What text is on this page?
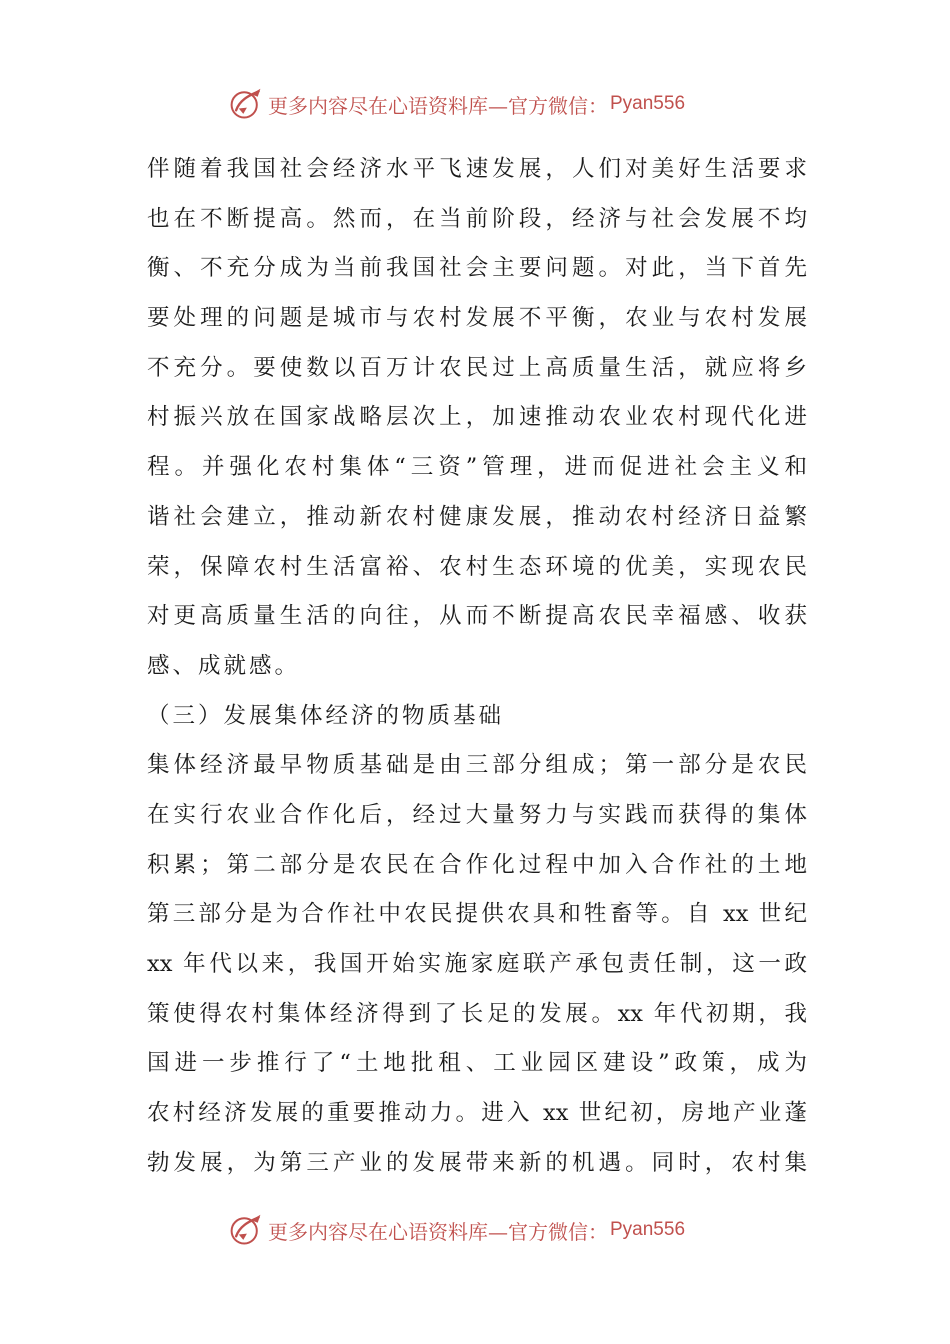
更多内容尽在心语资料库—官方微信： Pyan556
伴随着我国社会经济水平飞速发展，人们对美好生活要求
也在不断提高。然而，在当前阶段，经济与社会发展不均
衡、不充分成为当前我国社会主要问题。对此，当下首先
要处理的问题是城市与农村发展不平衡，农业与农村发展
不充分。要使数以百万计农民过上高质量生活，就应将乡
村振兴放在国家战略层次上，加速推动农业农村现代化进
程。并强化农村集体“三资”管理，进而促进社会主义和
谐社会建立，推动新农村健康发展，推动农村经济日益繁
荣，保障农村生活富裕、农村生态环境的优美，实现农民
对更高质量生活的向往，从而不断提高农民幸福感、收获
感、成就感。
（三）发展集体经济的物质基础
集体经济最早物质基础是由三部分组成；第一部分是农民
在实行农业合作化后，经过大量努力与实践而获得的集体
积累；第二部分是农民在合作化过程中加入合作社的土地
第三部分是为合作社中农民提供农具和牲畜等。自 xx 世纪
xx 年代以来，我国开始实施家庭联产承包责任制，这一政
策使得农村集体经济得到了长足的发展。xx 年代初期，我
国进一步推行了“土地批租、工业园区建设”政策，成为
农村经济发展的重要推动力。进入 xx 世纪初，房地产业蓬
勃发展，为第三产业的发展带来新的机遇。同时，农村集
更多内容尽在心语资料库—官方微信： Pyan556
